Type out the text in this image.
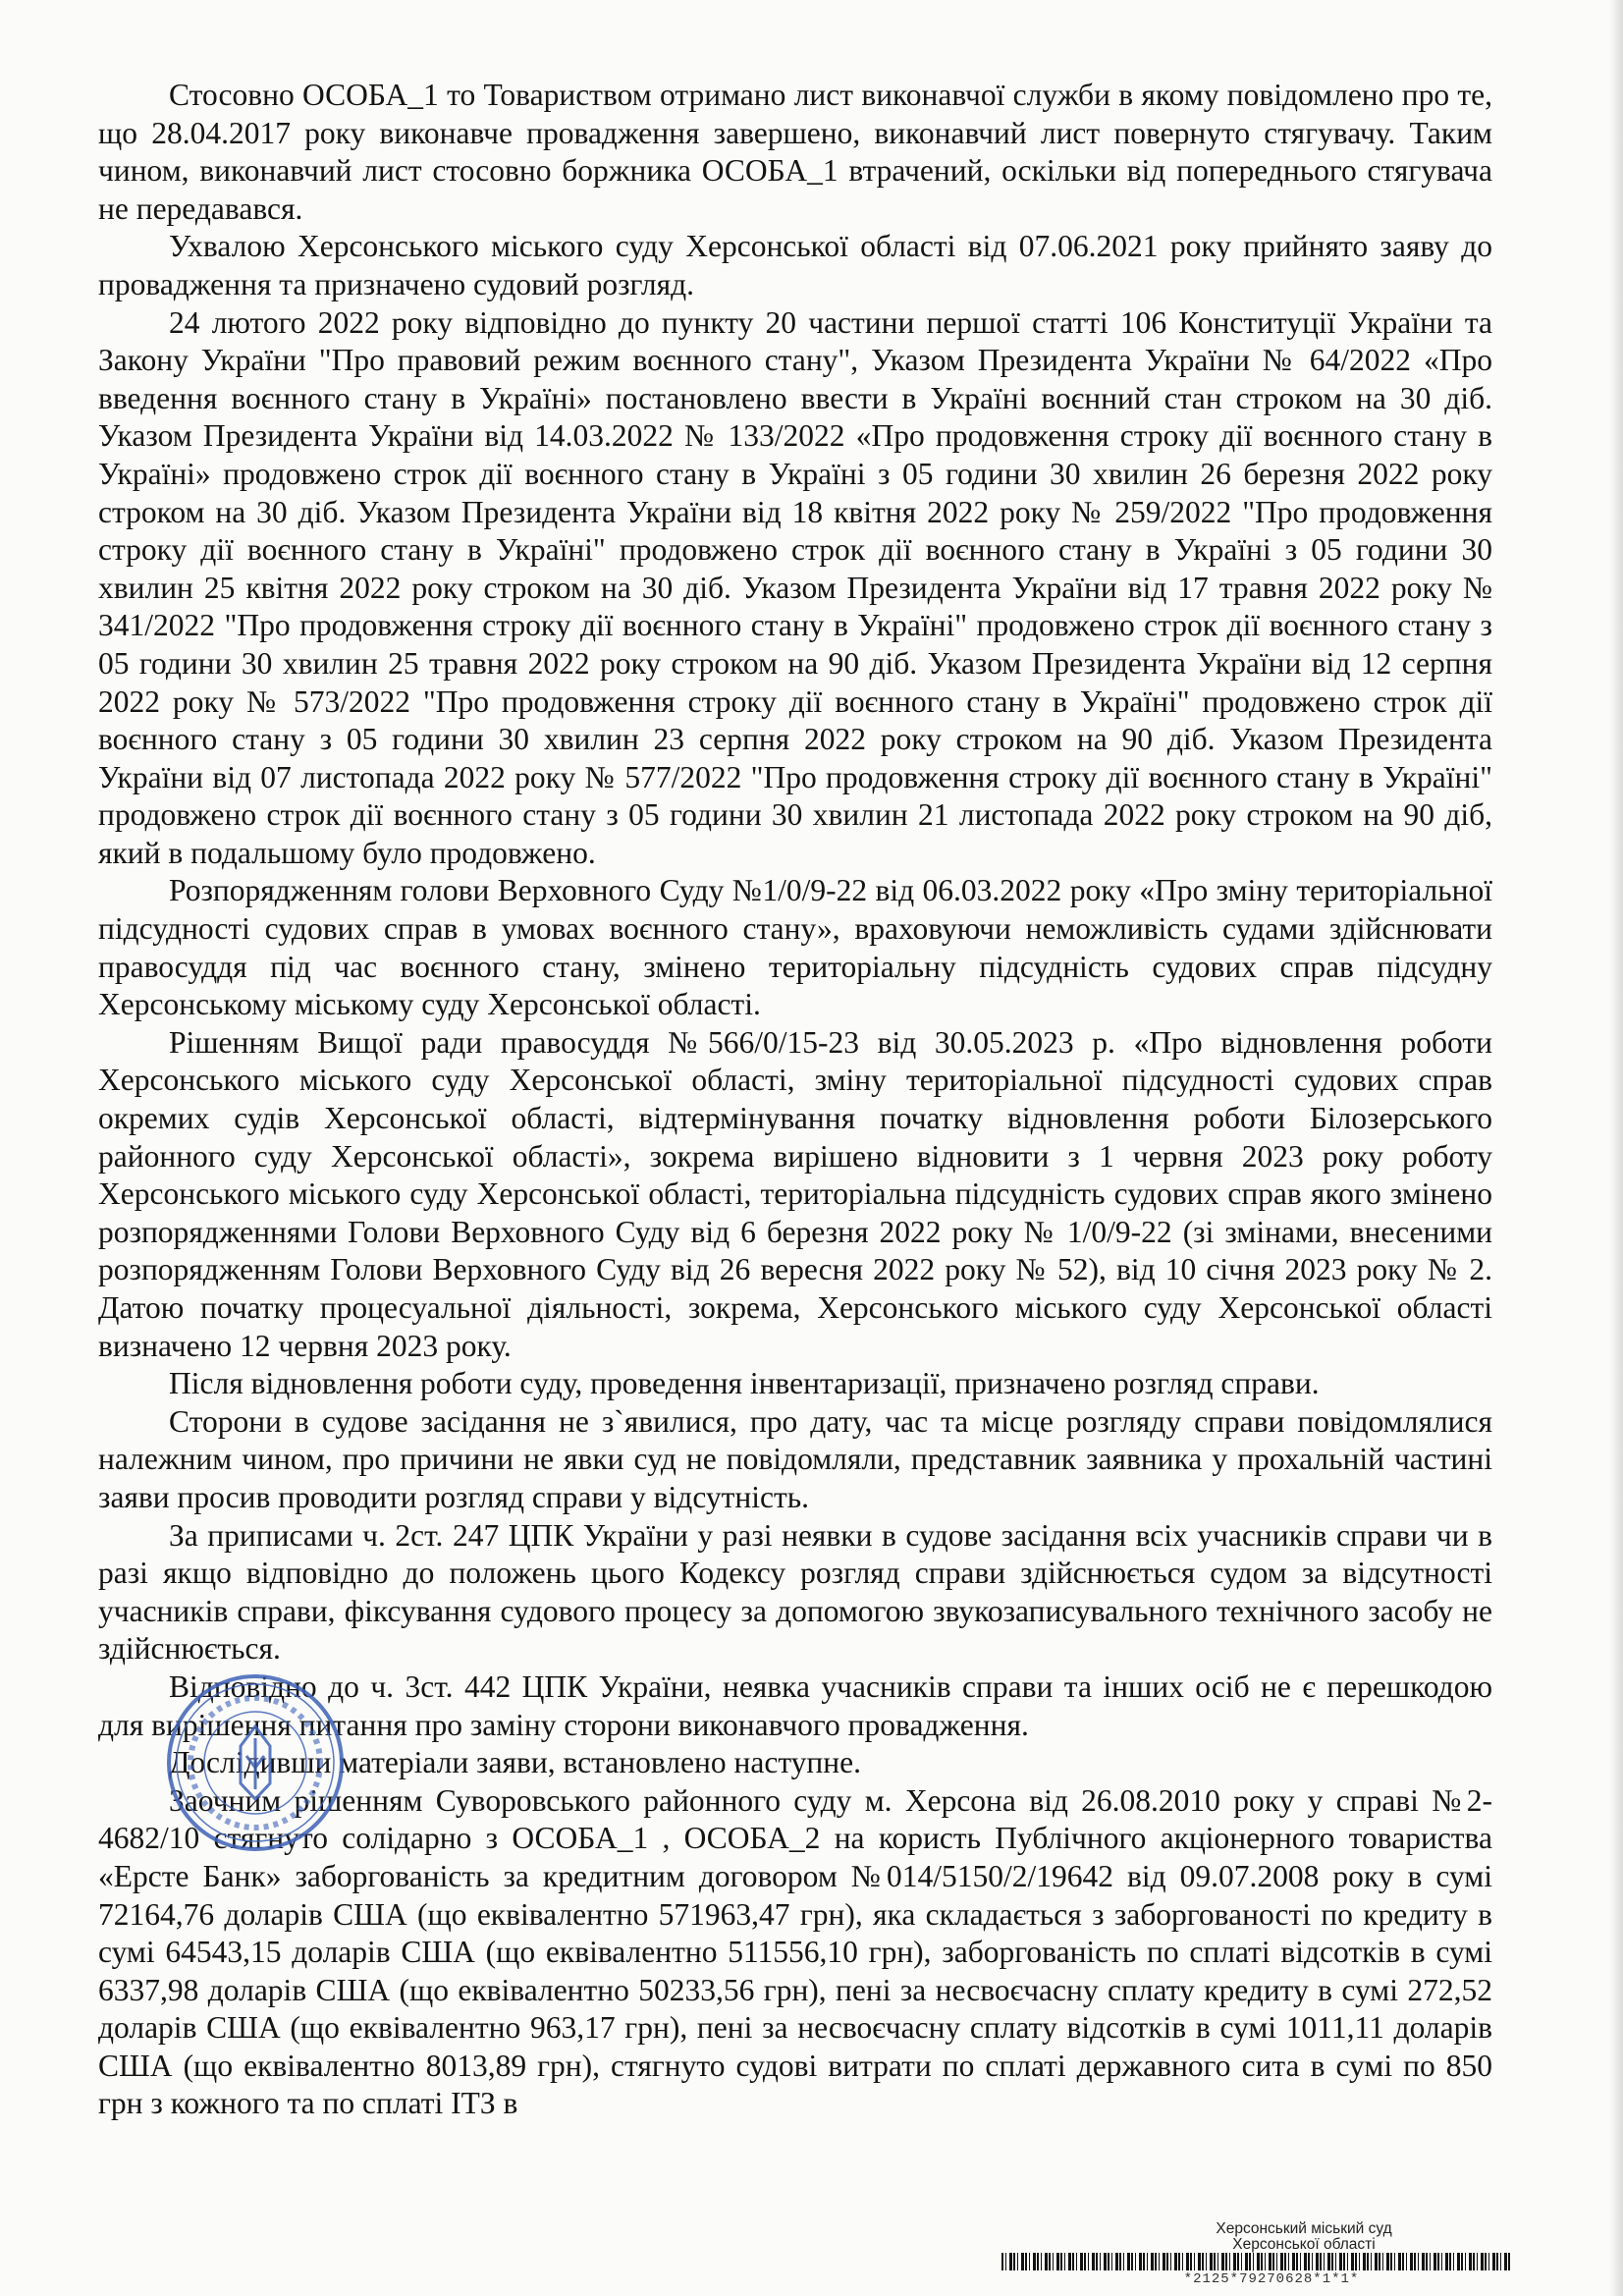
Стосовно ОСОБА_1 то Товариством отримано лист виконавчої служби в якому повідомлено про те, що 28.04.2017 року виконавче провадження завершено, виконавчий лист повернуто стягувачу. Таким чином, виконавчий лист стосовно боржника ОСОБА_1 втрачений, оскільки від попереднього стягувача не передавався.

Ухвалою Херсонського міського суду Херсонської області від 07.06.2021 року прийнято заяву до провадження та призначено судовий розгляд.

24 лютого 2022 року відповідно до пункту 20 частини першої статті 106 Конституції України та Закону України "Про правовий режим воєнного стану", Указом Президента України № 64/2022 «Про введення воєнного стану в Україні» постановлено ввести в Україні воєнний стан строком на 30 діб. Указом Президента України від 14.03.2022 № 133/2022 «Про продовження строку дії воєнного стану в Україні» продовжено строк дії воєнного стану в Україні з 05 години 30 хвилин 26 березня 2022 року строком на 30 діб. Указом Президента України від 18 квітня 2022 року № 259/2022 "Про продовження строку дії воєнного стану в Україні" продовжено строк дії воєнного стану в Україні з 05 години 30 хвилин 25 квітня 2022 року строком на 30 діб. Указом Президента України від 17 травня 2022 року № 341/2022 "Про продовження строку дії воєнного стану в Україні" продовжено строк дії воєнного стану з 05 години 30 хвилин 25 травня 2022 року строком на 90 діб. Указом Президента України від 12 серпня 2022 року № 573/2022 "Про продовження строку дії воєнного стану в Україні" продовжено строк дії воєнного стану з 05 години 30 хвилин 23 серпня 2022 року строком на 90 діб. Указом Президента України від 07 листопада 2022 року № 577/2022 "Про продовження строку дії воєнного стану в Україні" продовжено строк дії воєнного стану з 05 години 30 хвилин 21 листопада 2022 року строком на 90 діб, який в подальшому було продовжено.

Розпорядженням голови Верховного Суду №1/0/9-22 від 06.03.2022 року «Про зміну територіальної підсудності судових справ в умовах воєнного стану», враховуючи неможливість судами здійснювати правосуддя під час воєнного стану, змінено територіальну підсудність судових справ підсудну Херсонському міському суду Херсонської області.

Рішенням Вищої ради правосуддя №566/0/15-23 від 30.05.2023 р. «Про відновлення роботи Херсонського міського суду Херсонської області, зміну територіальної підсудності судових справ окремих судів Херсонської області, відтермінування початку відновлення роботи Білозерського районного суду Херсонської області», зокрема вирішено відновити з 1 червня 2023 року роботу Херсонського міського суду Херсонської області, територіальна підсудність судових справ якого змінено розпорядженнями Голови Верховного Суду від 6 березня 2022 року № 1/0/9-22 (зі змінами, внесеними розпорядженням Голови Верховного Суду від 26 вересня 2022 року № 52), від 10 січня 2023 року № 2. Датою початку процесуальної діяльності, зокрема, Херсонського міського суду Херсонської області визначено 12 червня 2023 року.

Після відновлення роботи суду, проведення інвентаризації, призначено розгляд справи.

Сторони в судове засідання не з`явилися, про дату, час та місце розгляду справи повідомлялися належним чином, про причини не явки суд не повідомляли, представник заявника у прохальній частині заяви просив проводити розгляд справи у відсутність.

За приписами ч. 2ст. 247 ЦПК України у разі неявки в судове засідання всіх учасників справи чи в разі якщо відповідно до положень цього Кодексу розгляд справи здійснюється судом за відсутності учасників справи, фіксування судового процесу за допомогою звукозаписувального технічного засобу не здійснюється.

Відповідно до ч. 3ст. 442 ЦПК України, неявка учасників справи та інших осіб не є перешкодою для вирішення питання про заміну сторони виконавчого провадження.

Дослідивши матеріали заяви, встановлено наступне.

Заочним рішенням Суворовського районного суду м. Херсона від 26.08.2010 року у справі №2-4682/10 стягнуто солідарно з ОСОБА_1 , ОСОБА_2 на користь Публічного акціонерного товариства «Ерсте Банк» заборгованість за кредитним договором №014/5150/2/19642 від 09.07.2008 року в сумі 72164,76 доларів США (що еквівалентно 571963,47 грн), яка складається з заборгованості по кредиту в сумі 64543,15 доларів США (що еквівалентно 511556,10 грн), заборгованість по сплаті відсотків в сумі 6337,98 доларів США (що еквівалентно 50233,56 грн), пені за несвоєчасну сплату кредиту в сумі 272,52 доларів США (що еквівалентно 963,17 грн), пені за несвоєчасну сплату відсотків в сумі 1011,11 доларів США (що еквівалентно 8013,89 грн), стягнуто судові витрати по сплаті державного сита в сумі по 850 грн з кожного та по сплаті ІТЗ в

Херсонський міський суд
Херсонської області
*2125*79270628*1*1*
